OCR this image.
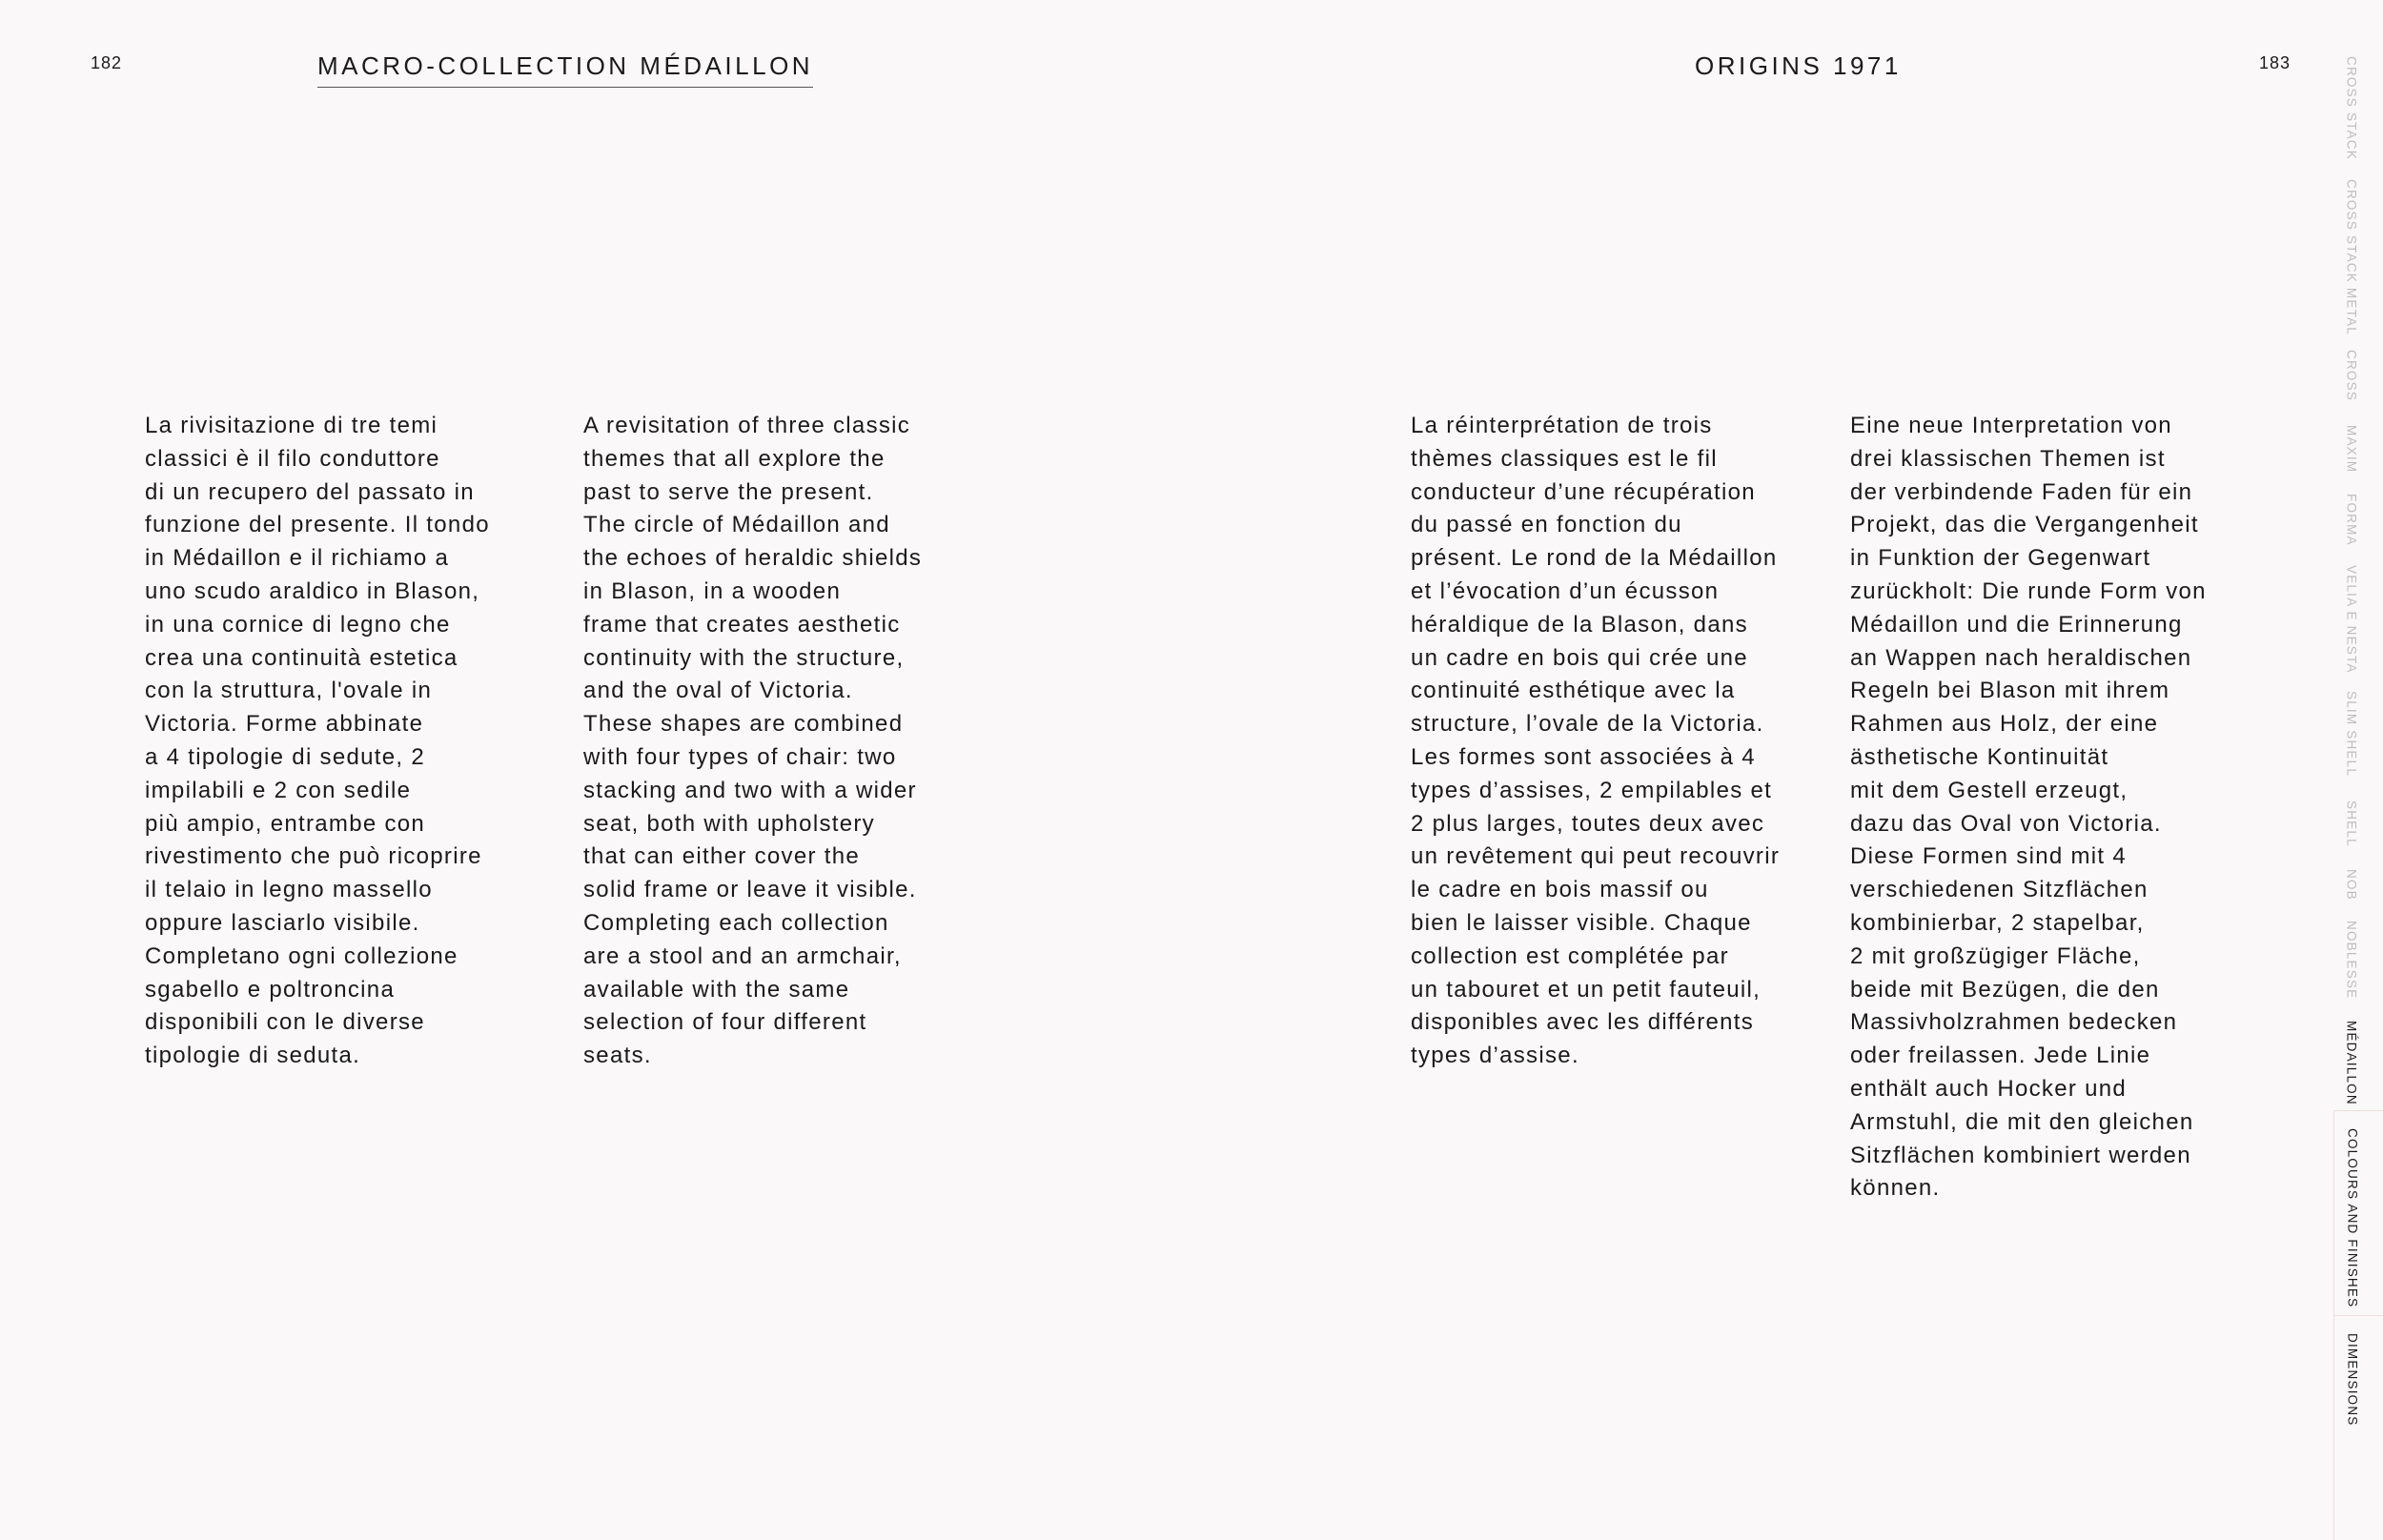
182	MACRO-COLLECTION MÉDAILLON	ORIGINS 1971	183
La rivisitazione di tre temi
classici è il filo conduttore
di un recupero del passato in
funzione del presente. Il tondo
in Médaillon e il richiamo a
uno scudo araldico in Blason,
in una cornice di legno che
crea una continuità estetica
con la struttura, l'ovale in
Victoria. Forme abbinate
a 4 tipologie di sedute, 2
impilabili e 2 con sedile
più ampio, entrambe con
rivestimento che può ricoprire
il telaio in legno massello
oppure lasciarlo visibile.
Completano ogni collezione
sgabello e poltroncina
disponibili con le diverse
tipologie di seduta.
A revisitation of three classic
themes that all explore the
past to serve the present.
The circle of Médaillon and
the echoes of heraldic shields
in Blason, in a wooden
frame that creates aesthetic
continuity with the structure,
and the oval of Victoria.
These shapes are combined
with four types of chair: two
stacking and two with a wider
seat, both with upholstery
that can either cover the
solid frame or leave it visible.
Completing each collection
are a stool and an armchair,
available with the same
selection of four different
seats.
La réinterprétation de trois
thèmes classiques est le fil
conducteur d’une récupération
du passé en fonction du
présent. Le rond de la Médaillon
et l’évocation d’un écusson
héraldique de la Blason, dans
un cadre en bois qui crée une
continuité esthétique avec la
structure, l’ovale de la Victoria.
Les formes sont associées à 4
types d’assises, 2 empilables et
2 plus larges, toutes deux avec
un revêtement qui peut recouvrir
le cadre en bois massif ou
bien le laisser visible. Chaque
collection est complétée par
un tabouret et un petit fauteuil,
disponibles avec les différents
types d’assise.
Eine neue Interpretation von
drei klassischen Themen ist
der verbindende Faden für ein
Projekt, das die Vergangenheit
in Funktion der Gegenwart
zurückholt: Die runde Form von
Médaillon und die Erinnerung
an Wappen nach heraldischen
Regeln bei Blason mit ihrem
Rahmen aus Holz, der eine
ästhetische Kontinuität
mit dem Gestell erzeugt,
dazu das Oval von Victoria.
Diese Formen sind mit 4
verschiedenen Sitzflächen
kombinierbar, 2 stapelbar,
2 mit großzügiger Fläche,
beide mit Bezügen, die den
Massivholzrahmen bedecken
oder freilassen. Jede Linie
enthält auch Hocker und
Armstuhl, die mit den gleichen
Sitzflächen kombiniert werden
können.
CROSS STACK
CROSS STACK METAL
CROSS
MAXIM
FORMA
VELIA E NESTA
SLIM SHELL
SHELL
NOB
NOBLESSE
MÉDAILLON
COLOURS AND FINISHES
DIMENSIONS
